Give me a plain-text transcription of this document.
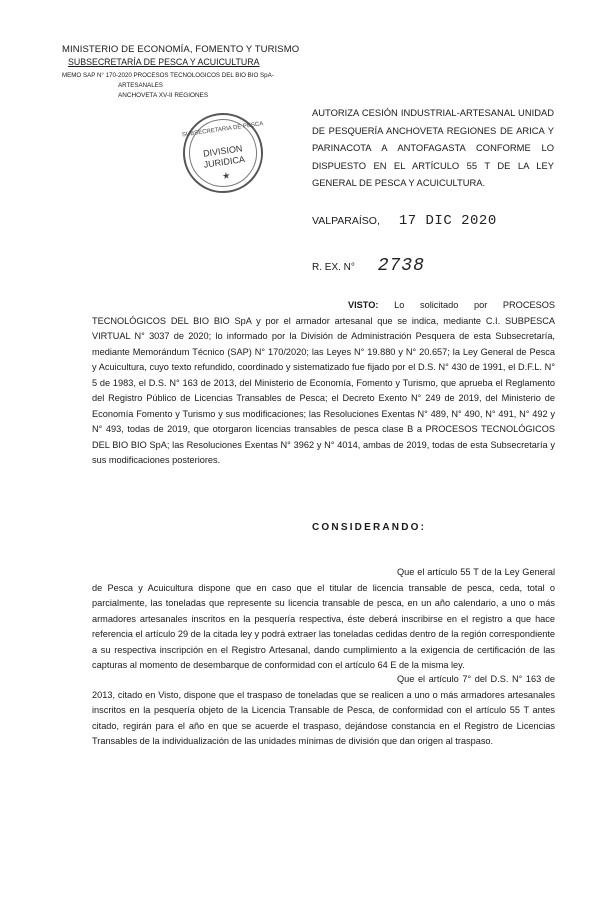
MINISTERIO DE ECONOMÍA, FOMENTO Y TURISMO
SUBSECRETARÍA DE PESCA Y ACUICULTURA
MEMO SAP N° 170-2020 PROCESOS TECNOLOGICOS DEL BIO BIO SpA-
ARTESANALES
ANCHOVETA XV-II REGIONES
SUBSECRETARIA DE PESCA
DIVISION
JURIDICA
★
AUTORIZA CESIÓN INDUSTRIAL-ARTESANAL UNIDAD DE PESQUERÍA ANCHOVETA REGIONES DE ARICA Y PARINACOTA A ANTOFAGASTA CONFORME LO DISPUESTO EN EL ARTÍCULO 55 T DE LA LEY GENERAL DE PESCA Y ACUICULTURA.
VALPARAÍSO, 17 DIC 2020
R. EX. N° 2738
VISTO: Lo solicitado por PROCESOS TECNOLÓGICOS DEL BIO BIO SpA y por el armador artesanal que se indica, mediante C.I. SUBPESCA VIRTUAL N° 3037 de 2020; lo informado por la División de Administración Pesquera de esta Subsecretaría, mediante Memorándum Técnico (SAP) N° 170/2020; las Leyes N° 19.880 y N° 20.657; la Ley General de Pesca y Acuicultura, cuyo texto refundido, coordinado y sistematizado fue fijado por el D.S. N° 430 de 1991, el D.F.L. N° 5 de 1983, el D.S. N° 163 de 2013, del Ministerio de Economía, Fomento y Turismo, que aprueba el Reglamento del Registro Público de Licencias Transables de Pesca; el Decreto Exento N° 249 de 2019, del Ministerio de Economía Fomento y Turismo y sus modificaciones; las Resoluciones Exentas N° 489, N° 490, N° 491, N° 492 y N° 493, todas de 2019, que otorgaron licencias transables de pesca clase B a PROCESOS TECNOLÓGICOS DEL BIO BIO SpA; las Resoluciones Exentas N° 3962 y N° 4014, ambas de 2019, todas de esta Subsecretaría y sus modificaciones posteriores.
CONSIDERANDO:
Que el artículo 55 T de la Ley General de Pesca y Acuicultura dispone que en caso que el titular de licencia transable de pesca, ceda, total o parcialmente, las toneladas que represente su licencia transable de pesca, en un año calendario, a uno o más armadores artesanales inscritos en la pesquería respectiva, éste deberá inscribirse en el registro a que hace referencia el artículo 29 de la citada ley y podrá extraer las toneladas cedidas dentro de la región correspondiente a su respectiva inscripción en el Registro Artesanal, dando cumplimiento a la exigencia de certificación de las capturas al momento de desembarque de conformidad con el artículo 64 E de la misma ley.
Que el artículo 7° del D.S. N° 163 de 2013, citado en Visto, dispone que el traspaso de toneladas que se realicen a uno o más armadores artesanales inscritos en la pesquería objeto de la Licencia Transable de Pesca, de conformidad con el artículo 55 T antes citado, regirán para el año en que se acuerde el traspaso, dejándose constancia en el Registro de Licencias Transables de la individualización de las unidades mínimas de división que dan origen al traspaso.
